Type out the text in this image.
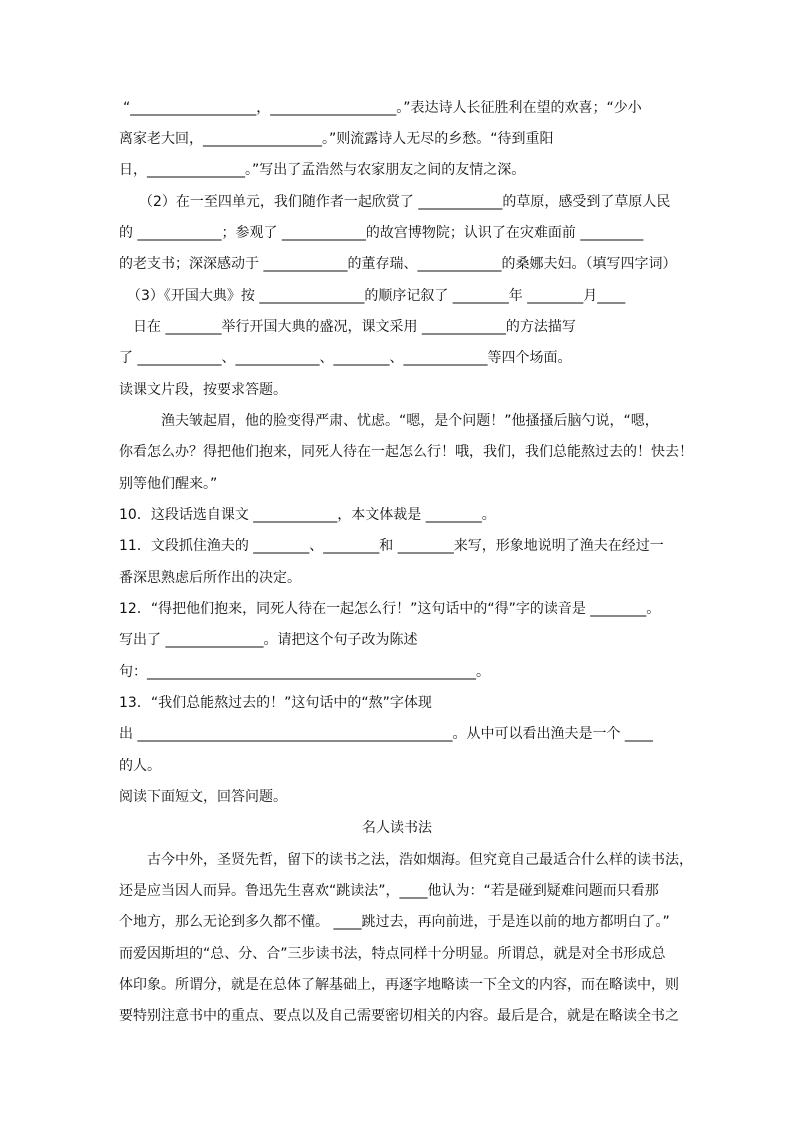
“__________________，__________________。”表达诗人长征胜利在望的欢喜；“少小
离家老大回，_________________。”则流露诗人无尽的乡愁。“待到重阳
日，______________。”写出了孟浩然与农家朋友之间的友情之深。
（2）在一至四单元，我们随作者一起欣赏了 ____________的草原，感受到了草原人民
的 ____________；参观了 ____________的故宫博物院；认识了在灾难面前 _________
的老支书；深深感动于 ____________的董存瑞、____________的桑娜夫妇。（填写四字词）
（3）《开国大典》按 _______________的顺序记叙了 ________年 ________月____
日在 ________举行开国大典的盛况，课文采用 ____________的方法描写
了 ____________、____________、________、____________等四个场面。
读课文片段，按要求答题。
渔夫皱起眉，他的脸变得严肃、忧虑。“嗯，是个问题！”他搔搔后脑勺说，“嗯，
你看怎么办？得把他们抱来，同死人待在一起怎么行！哦，我们，我们总能熬过去的！快去！
别等他们醒来。”
10．这段话选自课文 ____________，本文体裁是 ________。
11．文段抓住渔夫的 ________、________和 ________来写，形象地说明了渔夫在经过一
番深思熟虑后所作出的决定。
12．“得把他们抱来，同死人待在一起怎么行！”这句话中的“得”字的读音是 ________。
写出了 ______________。请把这个句子改为陈述
句：_______________________________________________。
13．“我们总能熬过去的！”这句话中的“熬”字体现
出 _____________________________________________。从中可以看出渔夫是一个 ____
的人。
阅读下面短文，回答问题。
名人读书法
古今中外，圣贤先哲，留下的读书之法，浩如烟海。但究竟自己最适合什么样的读书法，
还是应当因人而异。鲁迅先生喜欢“跳读法”，____他认为：“若是碰到疑难问题而只看那
个地方，那么无论到多久都不懂。 ____跳过去，再向前进，于是连以前的地方都明白了。”
而爱因斯坦的“总、分、合”三步读书法，特点同样十分明显。所谓总，就是对全书形成总
体印象。所谓分，就是在总体了解基础上，再逐字地略读一下全文的内容，而在略读中，则
要特别注意书中的重点、要点以及自己需要密切相关的内容。最后是合，就是在略读全书之
